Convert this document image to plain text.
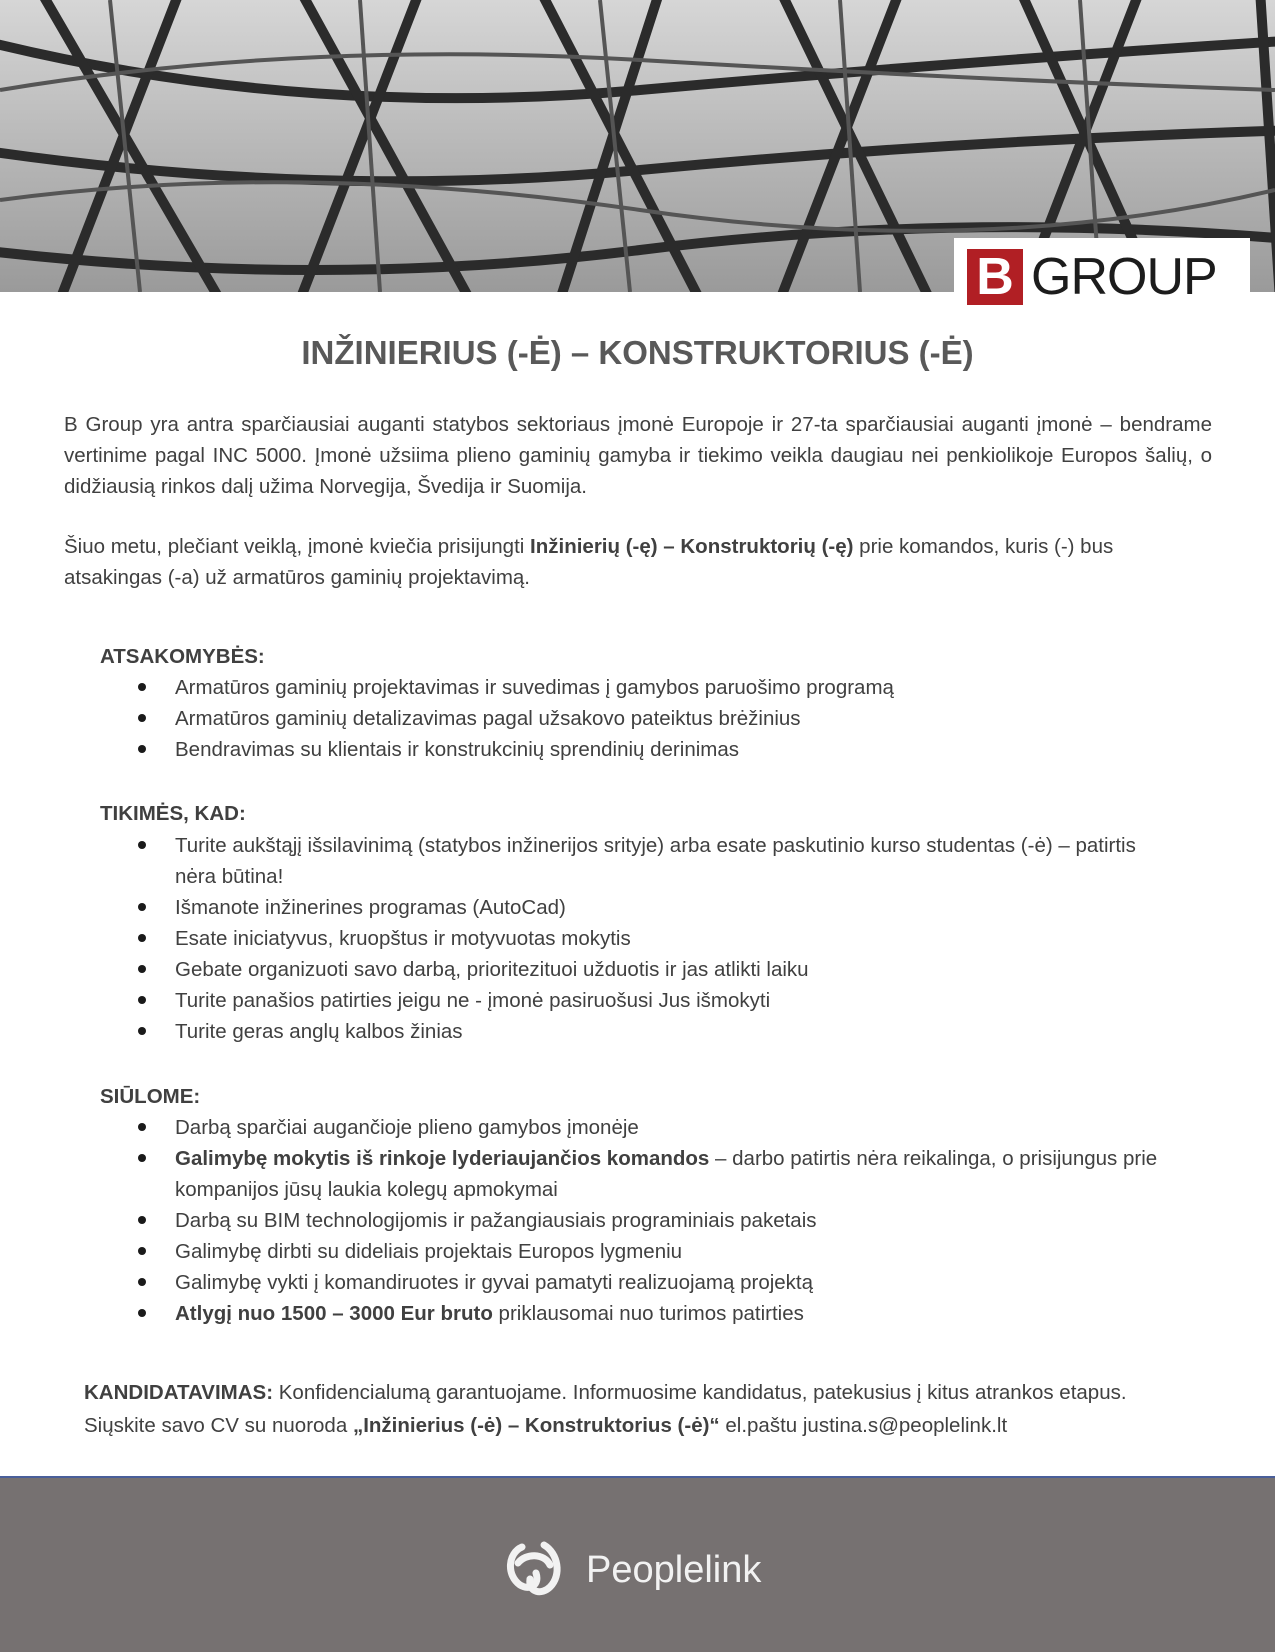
B GROUP
INŽINIERIUS (-Ė) – KONSTRUKTORIUS (-Ė)

B Group yra antra sparčiausiai auganti statybos sektoriaus įmonė Europoje ir 27-ta sparčiausiai auganti įmonė – bendrame vertinime pagal INC 5000. Įmonė užsiima plieno gaminių gamyba ir tiekimo veikla daugiau nei penkiolikoje Europos šalių, o didžiausią rinkos dalį užima Norvegija, Švedija ir Suomija.

Šiuo metu, plečiant veiklą, įmonė kviečia prisijungti Inžinierių (-ę) – Konstruktorių (-ę) prie komandos, kuris (-) bus atsakingas (-a) už armatūros gaminių projektavimą.

ATSAKOMYBĖS:
Armatūros gaminių projektavimas ir suvedimas į gamybos paruošimo programą
Armatūros gaminių detalizavimas pagal užsakovo pateiktus brėžinius
Bendravimas su klientais ir konstrukcinių sprendinių derinimas
TIKIMĖS, KAD:
Turite aukštąjį išsilavinimą (statybos inžinerijos srityje) arba esate paskutinio kurso studentas (-ė) – patirtis nėra būtina!
Išmanote inžinerines programas (AutoCad)
Esate iniciatyvus, kruopštus ir motyvuotas mokytis
Gebate organizuoti savo darbą, prioritezituoi užduotis ir jas atlikti laiku
Turite panašios patirties jeigu ne - įmonė pasiruošusi Jus išmokyti
Turite geras anglų kalbos žinias
SIŪLOME:
Darbą sparčiai augančioje plieno gamybos įmonėje
Galimybę mokytis iš rinkoje lyderiaujančios komandos – darbo patirtis nėra reikalinga, o prisijungus prie kompanijos jūsų laukia kolegų apmokymai
Darbą su BIM technologijomis ir pažangiausiais programiniais paketais
Galimybę dirbti su dideliais projektais Europos lygmeniu
Galimybę vykti į komandiruotes ir gyvai pamatyti realizuojamą projektą
Atlygį nuo 1500 – 3000 Eur bruto priklausomai nuo turimos patirties

KANDIDATAVIMAS: Konfidencialumą garantuojame. Informuosime kandidatus, patekusius į kitus atrankos etapus. Siųskite savo CV su nuoroda „Inžinierius (-ė) – Konstruktorius (-ė)“ el.paštu justina.s@peoplelink.lt

Peoplelink
